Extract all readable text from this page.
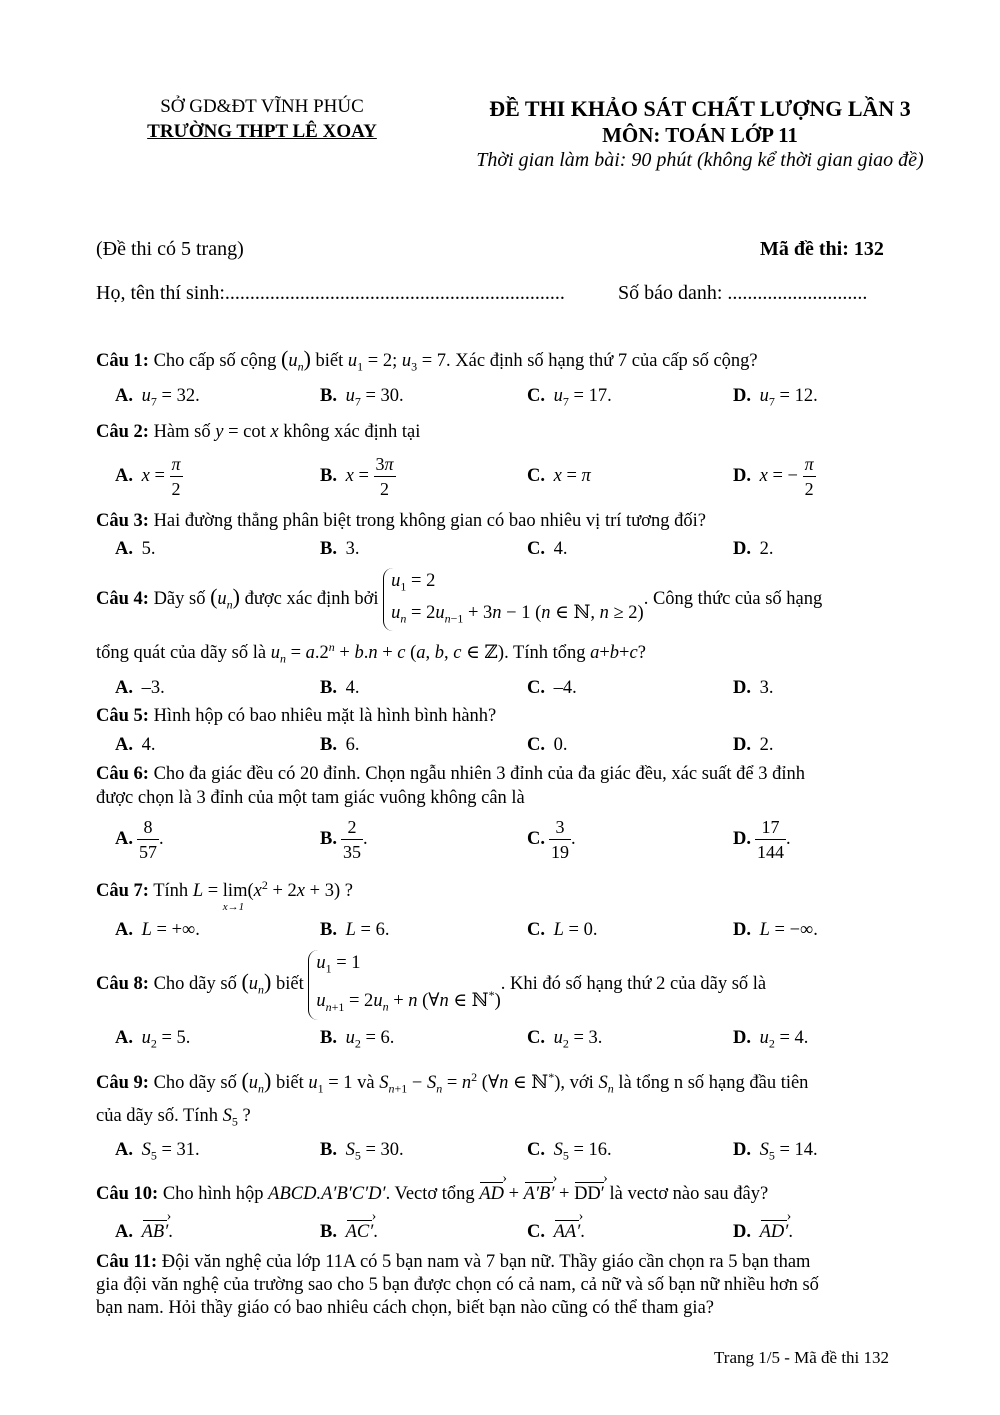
SỞ GD&ĐT VĨNH PHÚC
TRƯỜNG THPT LÊ XOAY
ĐỀ THI KHẢO SÁT CHẤT LƯỢNG LẦN 3
MÔN: TOÁN LỚP 11
Thời gian làm bài: 90 phút (không kể thời gian giao đề)
(Đề thi có 5 trang)	Mã đề thi: 132
Họ, tên thí sinh:....................................................................	Số báo danh: ............................
Câu 1: Cho cấp số cộng $(u_n)$ biết $u_1 = 2$; $u_3 = 7$. Xác định số hạng thứ 7 của cấp số cộng?
A. $u_7 = 32$.	B. $u_7 = 30$.	C. $u_7 = 17$.	D. $u_7 = 12$.
Câu 2: Hàm số y = cot x không xác định tại
A. $x = \frac{\pi}{2}$	B. $x = \frac{3\pi}{2}$	C. x = π	D. x = − $\frac{\pi}{2}$
Câu 3: Hai đường thẳng phân biệt trong không gian có bao nhiêu vị trí tương đối?
A. 5.	B. 3.	C. 4.	D. 2.
Câu 4: Dãy số $(u_n)$ được xác định bởi $u_1 = 2$
$u_n = 2u_{n-1} + 3n - 1$ (n ∈ ℕ, n ≥ 2). Công thức của số hạng
tổng quát của dãy số là $u_n = a.2^n + b.n + c$ (a, b, c ∈ ℤ). Tính tổng a+b+c?
A. –3.	B. 4.	C. –4.	D. 3.
Câu 5: Hình hộp có bao nhiêu mặt là hình bình hành?
A. 4.	B. 6.	C. 0.	D. 2.
Câu 6: Cho đa giác đều có 20 đỉnh. Chọn ngẫu nhiên 3 đỉnh của đa giác đều, xác suất để 3 đỉnh
được chọn là 3 đỉnh của một tam giác vuông không cân là
A. $\frac{8}{57}$ .	B. $\frac{2}{35}$ .	C. $\frac{3}{19}$ .	D. $\frac{17}{144}$ .
Câu 7: Tính L = lim
x→1
$(x^2 + 2x + 3)$ ?
A. L = +∞.	B. L = 6.	C. L = 0.	D. L = −∞.
Câu 8: Cho dãy số $(u_n)$ biết $u_1 = 1$
$u_{n+1} = 2u_n + n$ (∀n ∈ ℕ*). Khi đó số hạng thứ 2 của dãy số là
A. $u_2 = 5$.	B. $u_2 = 6$.	C. $u_2 = 3$.	D. $u_2 = 4$.
Câu 9: Cho dãy số $(u_n)$ biết $u_1 = 1$ và $S_{n+1} - S_n = n^2$ (∀n ∈ ℕ*), với $S_n$ là tổng n số hạng đầu tiên
của dãy số. Tính $S_5$ ?
A. $S_5 = 31$.	B. $S_5 = 30$.	C. $S_5 = 16$.	D. $S_5 = 14$.
Câu 10: Cho hình hộp ABCD.A′B′C′D′. Vectơ tổng AD › + A′B′ › + DD′ › là vectơ nào sau đây?
A. AB′ ›.	B. AC′ ›.	C. AA′ ›.	D. AD′ ›.
Câu 11: Đội văn nghệ của lớp 11A có 5 bạn nam và 7 bạn nữ. Thầy giáo cần chọn ra 5 bạn tham
gia đội văn nghệ của trường sao cho 5 bạn được chọn có cả nam, cả nữ và số bạn nữ nhiều hơn số
bạn nam. Hỏi thầy giáo có bao nhiêu cách chọn, biết bạn nào cũng có thể tham gia?
Trang 1/5 - Mã đề thi 132
